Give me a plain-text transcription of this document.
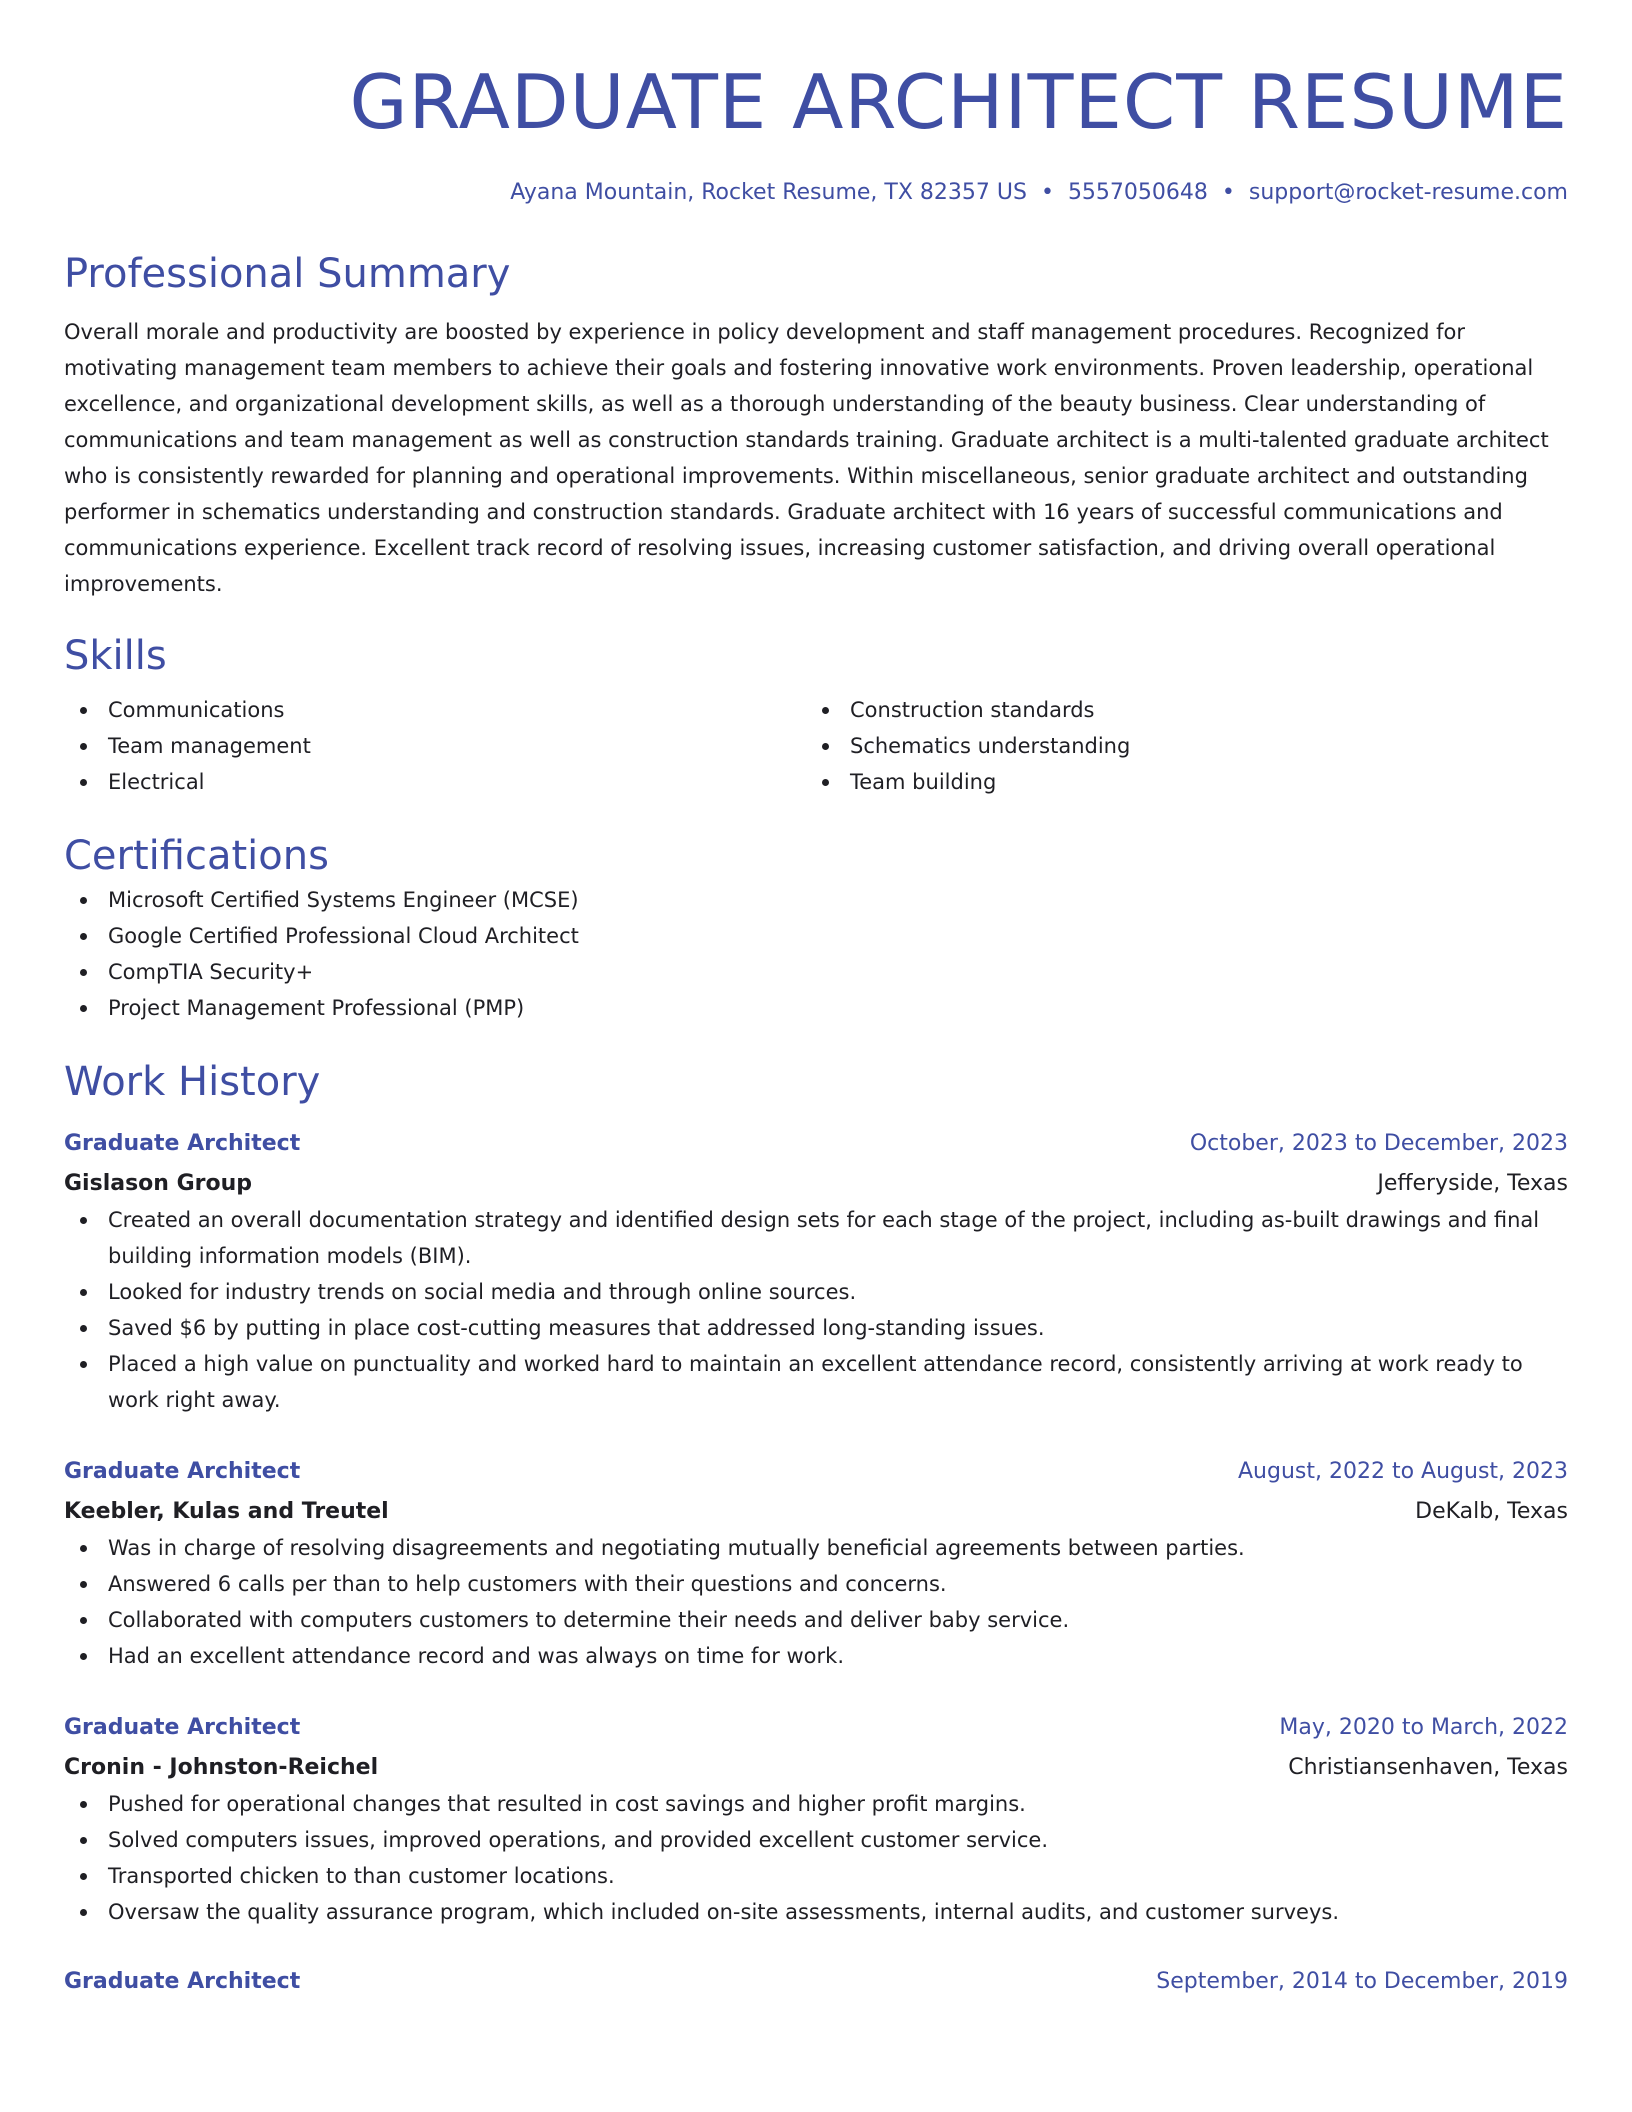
GRADUATE ARCHITECT RESUME
Ayana Mountain, Rocket Resume, TX 82357 US • 5557050648 • support@rocket-resume.com
Professional Summary

Overall morale and productivity are boosted by experience in policy development and staff management procedures. Recognized for motivating management team members to achieve their goals and fostering innovative work environments. Proven leadership, operational excellence, and organizational development skills, as well as a thorough understanding of the beauty business. Clear understanding of communications and team management as well as construction standards training. Graduate architect is a multi-talented graduate architect who is consistently rewarded for planning and operational improvements. Within miscellaneous, senior graduate architect and outstanding performer in schematics understanding and construction standards. Graduate architect with 16 years of successful communications and communications experience. Excellent track record of resolving issues, increasing customer satisfaction, and driving overall operational improvements.

Skills
Communications
Team management
Electrical
Construction standards
Schematics understanding
Team building
Certifications
Microsoft Certified Systems Engineer (MCSE)
Google Certified Professional Cloud Architect
CompTIA Security+
Project Management Professional (PMP)
Work History
Graduate Architect	October, 2023 to December, 2023
Gislason Group	Jefferyside, Texas
Created an overall documentation strategy and identified design sets for each stage of the project, including as-built drawings and final building information models (BIM).
Looked for industry trends on social media and through online sources.
Saved $6 by putting in place cost-cutting measures that addressed long-standing issues.
Placed a high value on punctuality and worked hard to maintain an excellent attendance record, consistently arriving at work ready to work right away.
Graduate Architect	August, 2022 to August, 2023
Keebler, Kulas and Treutel	DeKalb, Texas
Was in charge of resolving disagreements and negotiating mutually beneficial agreements between parties.
Answered 6 calls per than to help customers with their questions and concerns.
Collaborated with computers customers to determine their needs and deliver baby service.
Had an excellent attendance record and was always on time for work.
Graduate Architect	May, 2020 to March, 2022
Cronin - Johnston-Reichel	Christiansenhaven, Texas
Pushed for operational changes that resulted in cost savings and higher profit margins.
Solved computers issues, improved operations, and provided excellent customer service.
Transported chicken to than customer locations.
Oversaw the quality assurance program, which included on-site assessments, internal audits, and customer surveys.
Graduate Architect	September, 2014 to December, 2019
